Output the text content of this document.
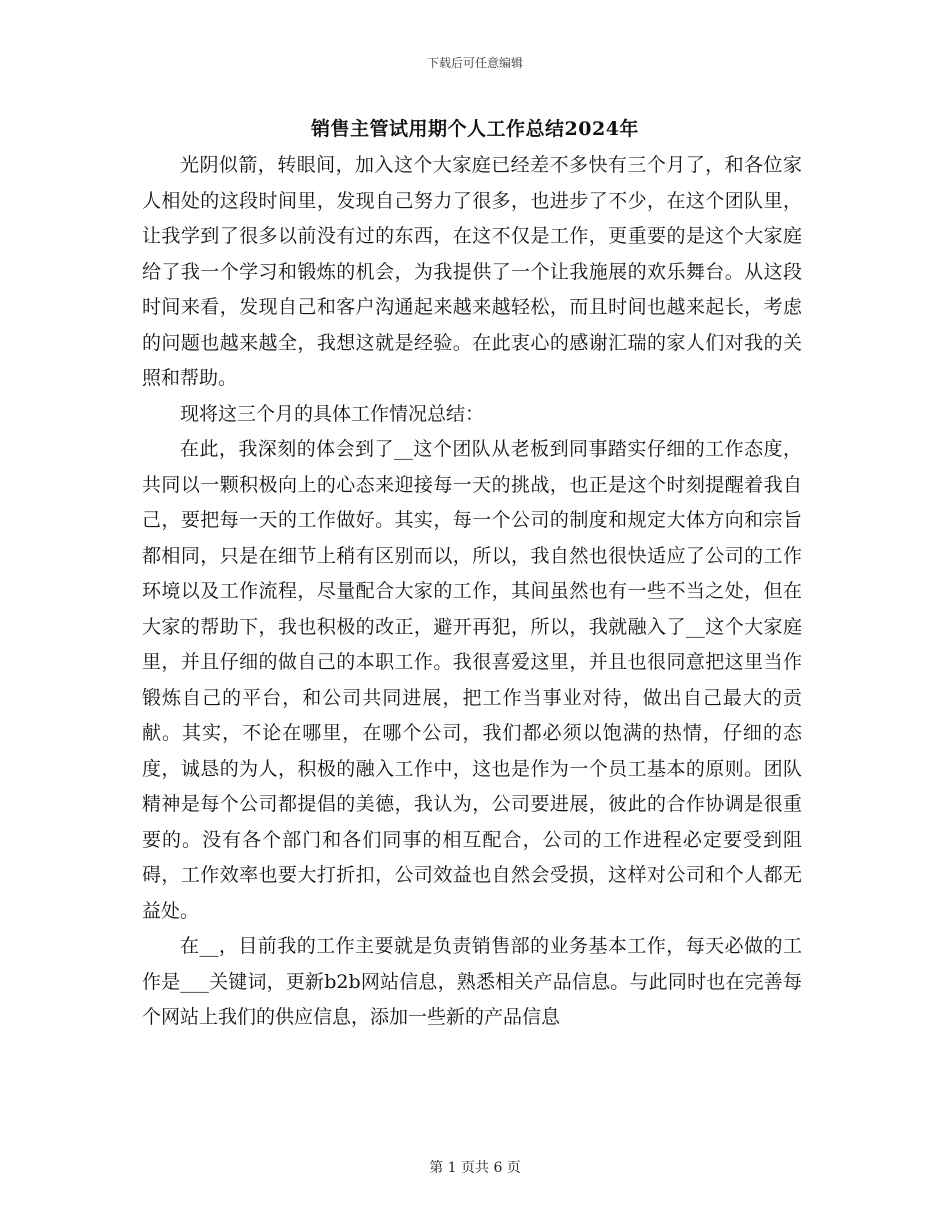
下载后可任意编辑
销售主管试用期个人工作总结2024年

光阴似箭，转眼间，加入这个大家庭已经差不多快有三个月了，和各位家人相处的这段时间里，发现自己努力了很多，也进步了不少，在这个团队里，让我学到了很多以前没有过的东西，在这不仅是工作，更重要的是这个大家庭给了我一个学习和锻炼的机会，为我提供了一个让我施展的欢乐舞台。从这段时间来看，发现自己和客户沟通起来越来越轻松，而且时间也越来起长，考虑的问题也越来越全，我想这就是经验。在此衷心的感谢汇瑞的家人们对我的关照和帮助。

现将这三个月的具体工作情况总结：

在此，我深刻的体会到了__这个团队从老板到同事踏实仔细的工作态度，共同以一颗积极向上的心态来迎接每一天的挑战，也正是这个时刻提醒着我自己，要把每一天的工作做好。其实，每一个公司的制度和规定大体方向和宗旨都相同，只是在细节上稍有区别而以，所以，我自然也很快适应了公司的工作环境以及工作流程，尽量配合大家的工作，其间虽然也有一些不当之处，但在大家的帮助下，我也积极的改正，避开再犯，所以，我就融入了__这个大家庭里，并且仔细的做自己的本职工作。我很喜爱这里，并且也很同意把这里当作锻炼自己的平台，和公司共同进展，把工作当事业对待，做出自己最大的贡献。其实，不论在哪里，在哪个公司，我们都必须以饱满的热情，仔细的态度，诚恳的为人，积极的融入工作中，这也是作为一个员工基本的原则。团队精神是每个公司都提倡的美德，我认为，公司要进展，彼此的合作协调是很重要的。没有各个部门和各们同事的相互配合，公司的工作进程必定要受到阻碍，工作效率也要大打折扣，公司效益也自然会受损，这样对公司和个人都无益处。

在__，目前我的工作主要就是负责销售部的业务基本工作，每天必做的工作是___关键词，更新b2b网站信息，熟悉相关产品信息。与此同时也在完善每个网站上我们的供应信息，添加一些新的产品信息

第 1 页共 6 页
